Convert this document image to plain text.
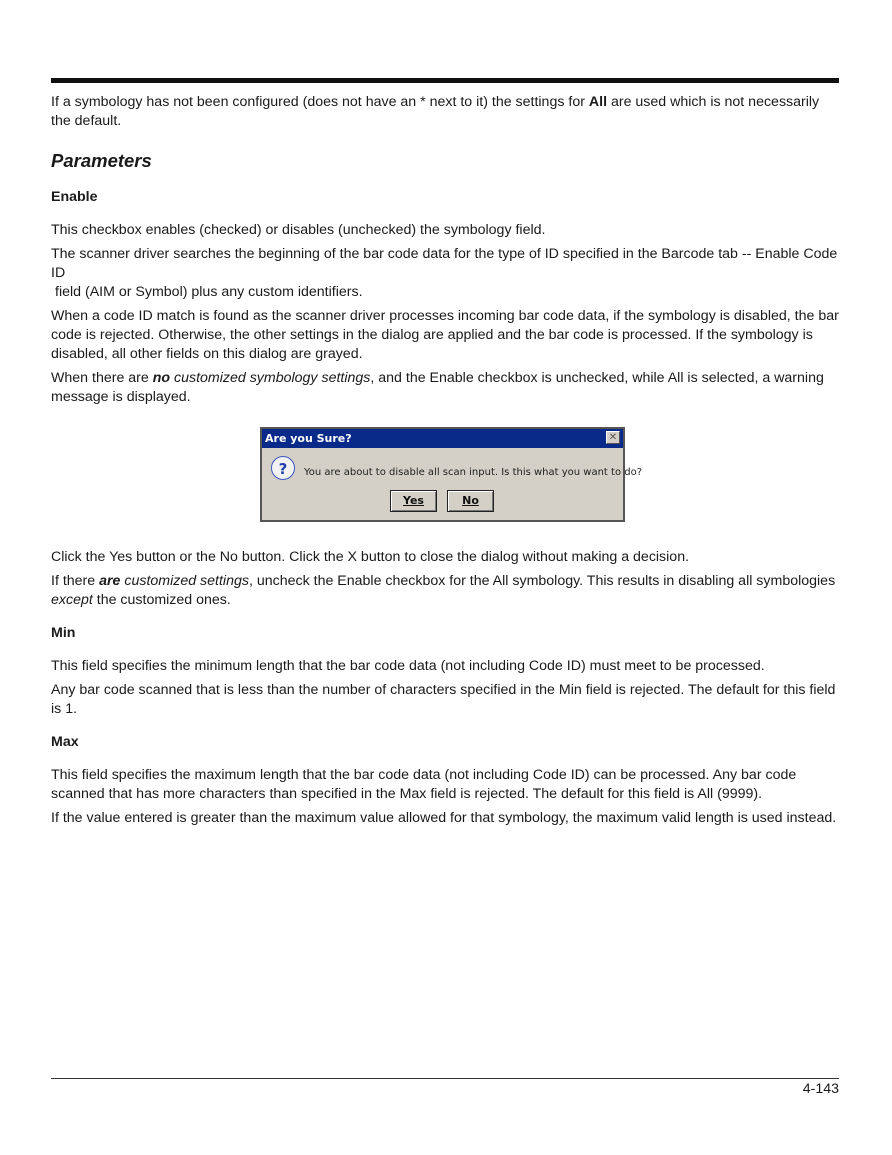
If a symbology has not been configured (does not have an * next to it) the settings for All are used which is not necessarily the default.

Parameters
Enable

This checkbox enables (checked) or disables (unchecked) the symbology field.

The scanner driver searches the beginning of the bar code data for the type of ID specified in the Barcode tab -- Enable Code ID
field (AIM or Symbol) plus any custom identifiers.

When a code ID match is found as the scanner driver processes incoming bar code data, if the symbology is disabled, the bar code is rejected. Otherwise, the other settings in the dialog are applied and the bar code is processed. If the symbology is disabled, all other fields on this dialog are grayed.

When there are no customized symbology settings, and the Enable checkbox is unchecked, while All is selected, a warning message is displayed.

Are you Sure?	✕
?	You are about to disable all scan input. Is this what you want to do?
Yes	No

Click the Yes button or the No button. Click the X button to close the dialog without making a decision.

If there are customized settings, uncheck the Enable checkbox for the All symbology. This results in disabling all symbologies except the customized ones.

Min

This field specifies the minimum length that the bar code data (not including Code ID) must meet to be processed.

Any bar code scanned that is less than the number of characters specified in the Min field is rejected. The default for this field is 1.

Max

This field specifies the maximum length that the bar code data (not including Code ID) can be processed. Any bar code scanned that has more characters than specified in the Max field is rejected. The default for this field is All (9999).

If the value entered is greater than the maximum value allowed for that symbology, the maximum valid length is used instead.

4-143
